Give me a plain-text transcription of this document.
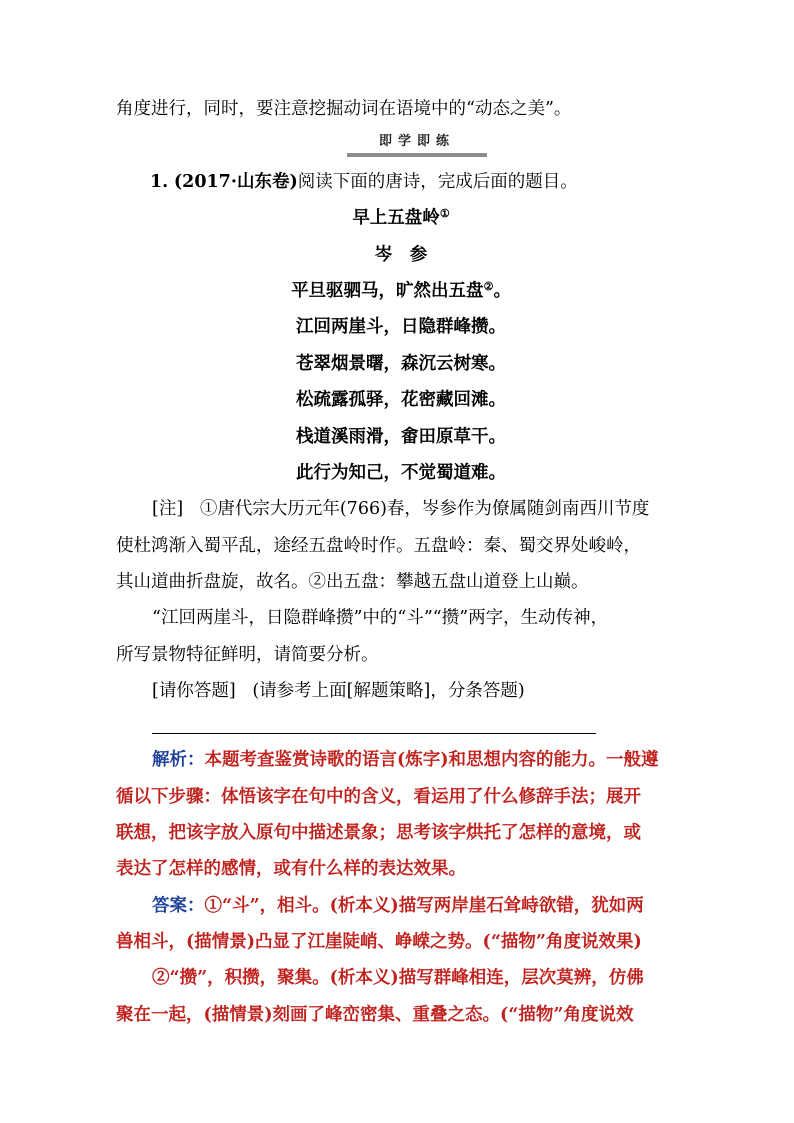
角度进行，同时，要注意挖掘动词在语境中的“动态之美”。
即学即练
1. (2017·山东卷)阅读下面的唐诗，完成后面的题目。
早上五盘岭①
岑　参
平旦驱驷马，旷然出五盘②。
江回两崖斗，日隐群峰攒。
苍翠烟景曙，森沉云树寒。
松疏露孤驿，花密藏回滩。
栈道溪雨滑，畬田原草干。
此行为知己，不觉蜀道难。
[注] ①唐代宗大历元年(766)春，岑参作为僚属随剑南西川节度
使杜鸿渐入蜀平乱，途经五盘岭时作。五盘岭：秦、蜀交界处峻岭，
其山道曲折盘旋，故名。②出五盘：攀越五盘山道登上山巅。
“江回两崖斗，日隐群峰攒”中的“斗”“攒”两字，生动传神，
所写景物特征鲜明，请简要分析。
[请你答题] (请参考上面[解题策略]，分条答题)
解析：本题考查鉴赏诗歌的语言(炼字)和思想内容的能力。一般遵
循以下步骤：体悟该字在句中的含义，看运用了什么修辞手法；展开
联想，把该字放入原句中描述景象；思考该字烘托了怎样的意境，或
表达了怎样的感情，或有什么样的表达效果。
答案：①“斗”，相斗。(析本义)描写两岸崖石耸峙欲错，犹如两
兽相斗，(描情景)凸显了江崖陡峭、峥嵘之势。(“描物”角度说效果)
②“攒”，积攒，聚集。(析本义)描写群峰相连，层次莫辨，仿佛
聚在一起，(描情景)刻画了峰峦密集、重叠之态。(“描物”角度说效
